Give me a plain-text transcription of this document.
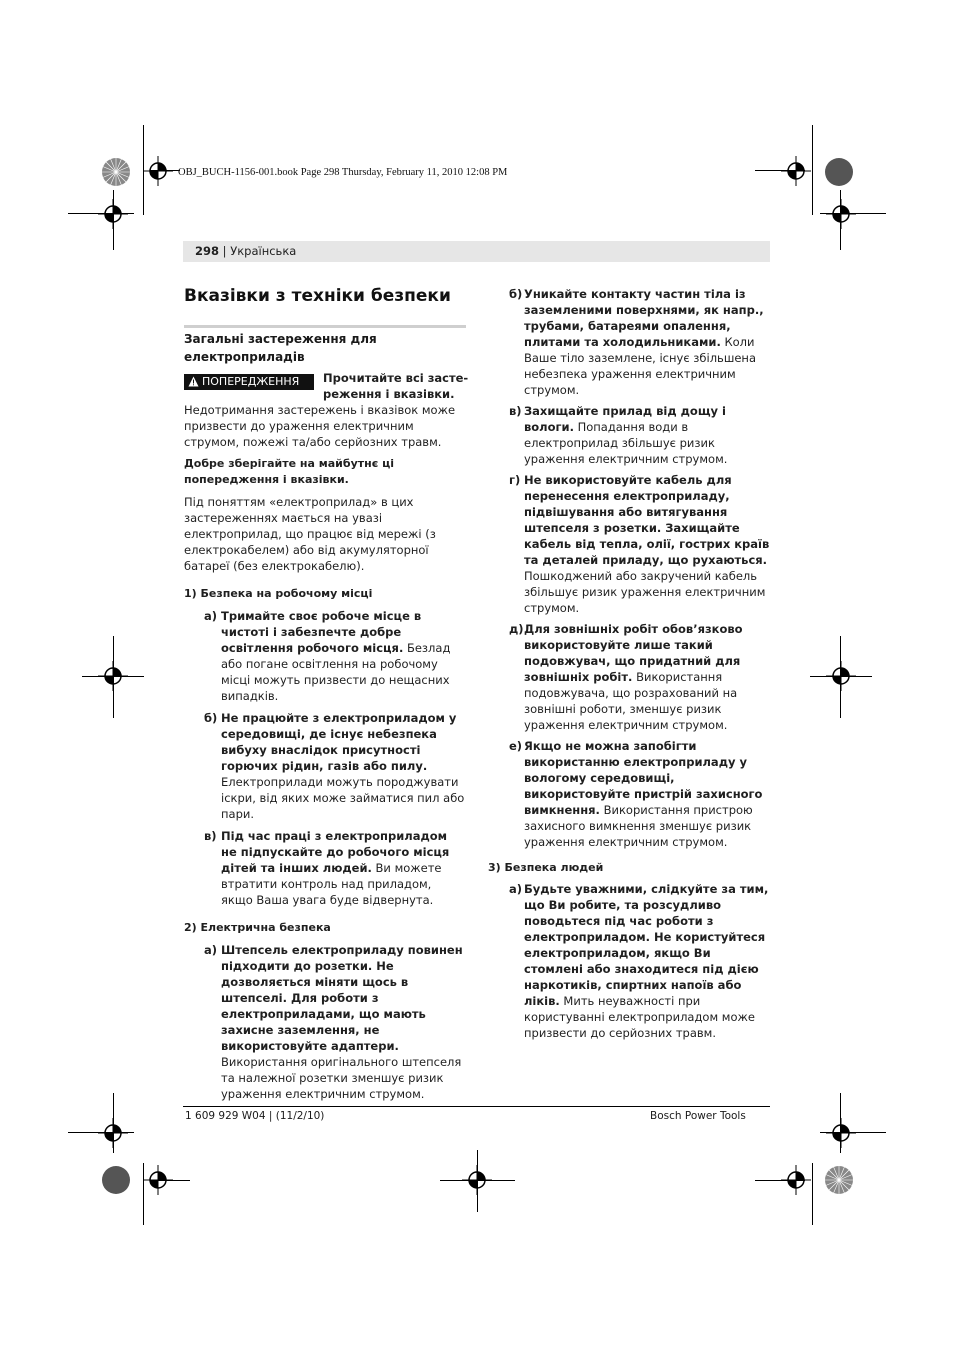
OBJ_BUCH-1156-001.book Page 298 Thursday, February 11, 2010 12:08 PM
298 | Українська
Вказівки з техніки безпеки
Загальні застереження для електроприладів
ПОПЕРЕДЖЕННЯ	Прочитайте всі засте-

реження і вказівки.

Недотримання застережень і вказівок може призвести до ураження електричним струмом, пожежі та/або серйозних травм.

Добре зберігайте на майбутнє ці попередження і вказівки.

Під поняттям «електроприлад» в цих застереженнях мається на увазі електроприлад, що працює від мережі (з електрокабелем) або від акумуляторної батареї (без електрокабелю).

1) Безпека на робочому місці

а) Тримайте своє робоче місце в чистоті і забезпечте добре освітлення робочого місця. Безлад або погане освітлення на робочому місці можуть призвести до нещасних випадків.
б) Не працюйте з електроприладом у середовищі, де існує небезпека вибуху внаслідок присутності горючих рідин, газів або пилу. Електроприлади можуть породжувати іскри, від яких може займатися пил або пари.
в) Під час праці з електроприладом не підпускайте до робочого місця дітей та інших людей. Ви можете втратити контроль над приладом, якщо Ваша увага буде відвернута.

2) Електрична безпека

а) Штепсель електроприладу повинен підходити до розетки. Не дозволяється міняти щось в штепселі. Для роботи з електроприладами, що мають захисне заземлення, не використовуйте адаптери. Використання оригінального штепселя та належної розетки зменшує ризик ураження електричним струмом.
б) Уникайте контакту частин тіла із заземленими поверхнями, як напр., трубами, батареями опалення, плитами та холодильниками. Коли Ваше тіло заземлене, існує збільшена небезпека ураження електричним струмом.
в) Захищайте прилад від дощу і вологи. Попадання води в електроприлад збільшує ризик ураження електричним струмом.
г) Не використовуйте кабель для перенесення електроприладу, підвішування або витягування штепселя з розетки. Захищайте кабель від тепла, олії, гострих країв та деталей приладу, що рухаються. Пошкоджений або закручений кабель збільшує ризик ураження електричним струмом.
д) Для зовнішніх робіт обов’язково використовуйте лише такий подовжувач, що придатний для зовнішніх робіт. Використання подовжувача, що розрахований на зовнішні роботи, зменшує ризик ураження електричним струмом.
е) Якщо не можна запобігти використанню електроприладу у вологому середовищі, використовуйте пристрій захисного вимкнення. Використання пристрою захисного вимкнення зменшує ризик ураження електричним струмом.

3) Безпека людей

а) Будьте уважними, слідкуйте за тим, що Ви робите, та розсудливо поводьтеся під час роботи з електроприладом. Не користуйтеся електроприладом, якщо Ви стомлені або знаходитеся під дією наркотиків, спиртних напоїв або ліків. Мить неуважності при користуванні електроприладом може призвести до серйозних травм.
1 609 929 W04 | (11/2/10)	Bosch Power Tools
